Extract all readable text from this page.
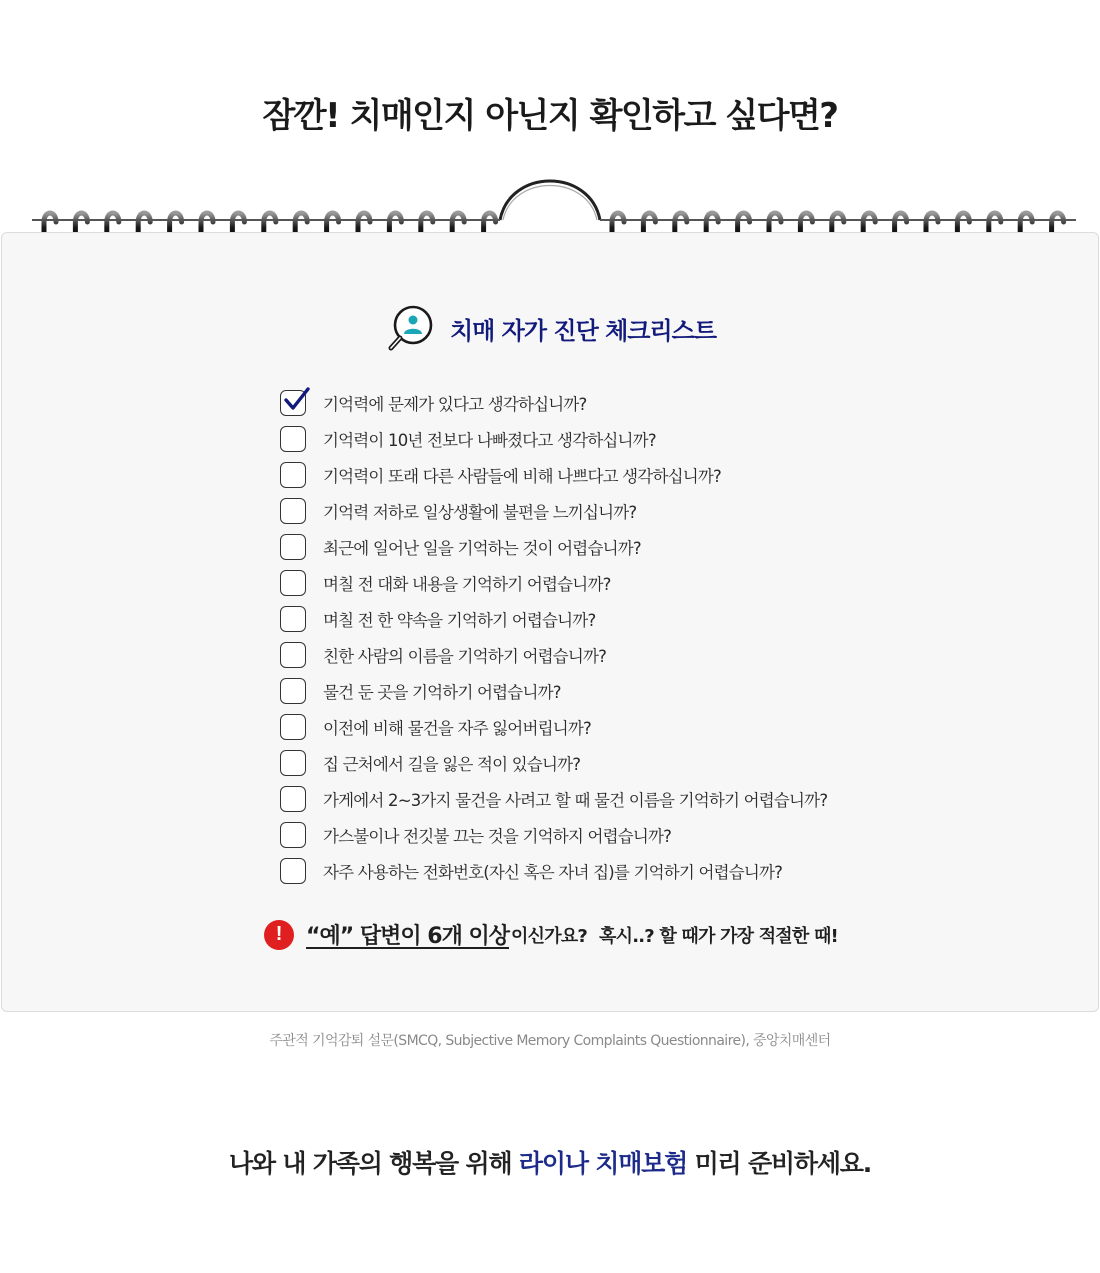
잠깐! 치매인지 아닌지 확인하고 싶다면?
치매 자가 진단 체크리스트
기억력에 문제가 있다고 생각하십니까?
기억력이 10년 전보다 나빠졌다고 생각하십니까?
기억력이 또래 다른 사람들에 비해 나쁘다고 생각하십니까?
기억력 저하로 일상생활에 불편을 느끼십니까?
최근에 일어난 일을 기억하는 것이 어렵습니까?
며칠 전 대화 내용을 기억하기 어렵습니까?
며칠 전 한 약속을 기억하기 어렵습니까?
친한 사람의 이름을 기억하기 어렵습니까?
물건 둔 곳을 기억하기 어렵습니까?
이전에 비해 물건을 자주 잃어버립니까?
집 근처에서 길을 잃은 적이 있습니까?
가게에서 2~3가지 물건을 사려고 할 때 물건 이름을 기억하기 어렵습니까?
가스불이나 전깃불 끄는 것을 기억하지 어렵습니까?
자주 사용하는 전화번호(자신 혹은 자녀 집)를 기억하기 어렵습니까?
!	“예” 답변이 6개 이상 이신가요? 혹시..? 할 때가 가장 적절한 때!

주관적 기억감퇴 설문(SMCQ, Subjective Memory Complaints Questionnaire), 중앙치매센터

나와 내 가족의 행복을 위해 라이나 치매보험 미리 준비하세요.
